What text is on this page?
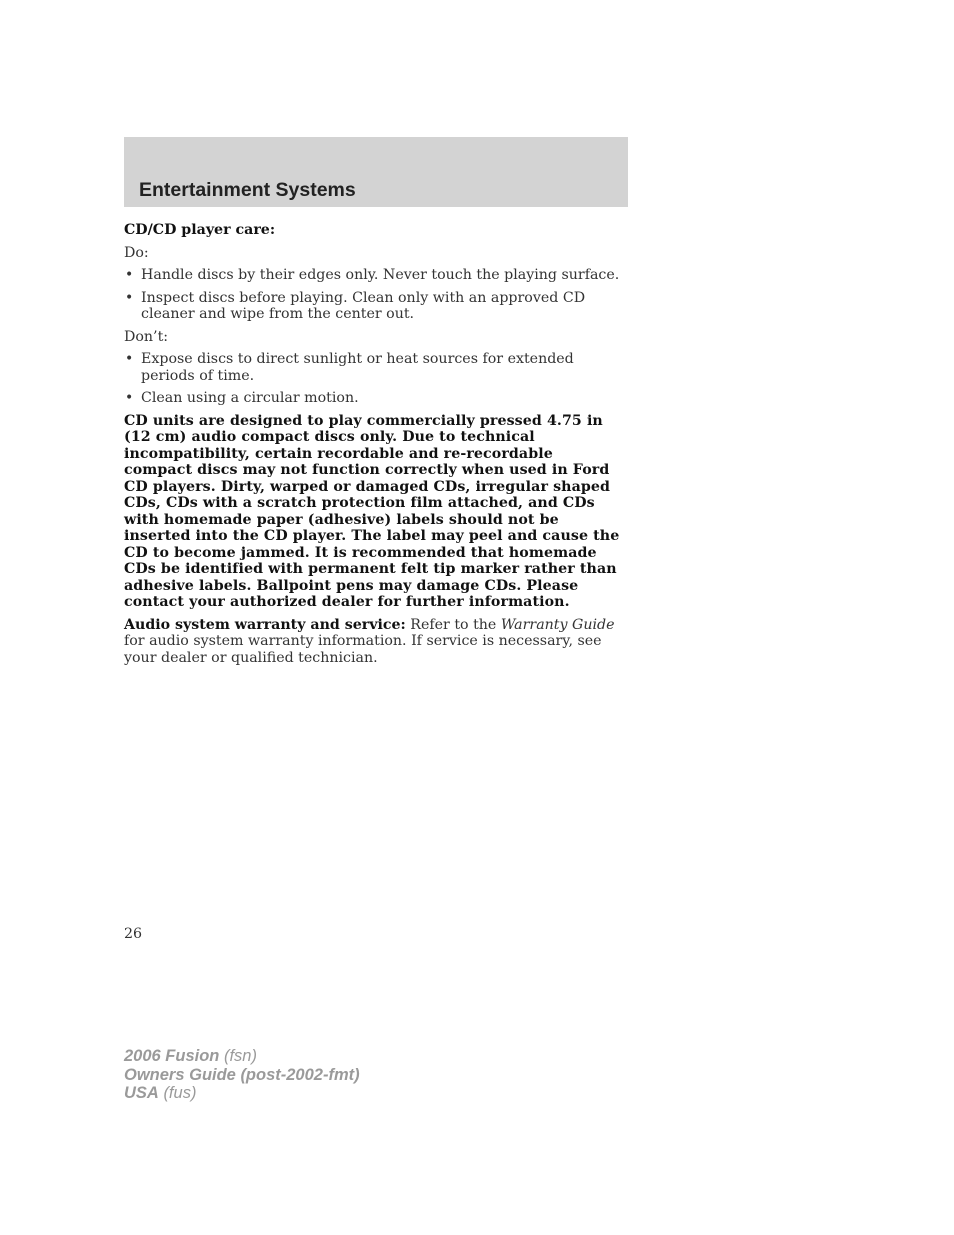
Entertainment Systems

CD/CD player care:

Do:

• Handle discs by their edges only. Never touch the playing surface.
• Inspect discs before playing. Clean only with an approved CD cleaner and wipe from the center out.

Don’t:

• Expose discs to direct sunlight or heat sources for extended periods of time.
• Clean using a circular motion.

CD units are designed to play commercially pressed 4.75 in (12 cm) audio compact discs only. Due to technical incompatibility, certain recordable and re-recordable compact discs may not function correctly when used in Ford CD players. Dirty, warped or damaged CDs, irregular shaped CDs, CDs with a scratch protection film attached, and CDs with homemade paper (adhesive) labels should not be inserted into the CD player. The label may peel and cause the CD to become jammed. It is recommended that homemade CDs be identified with permanent felt tip marker rather than adhesive labels. Ballpoint pens may damage CDs. Please contact your authorized dealer for further information.

Audio system warranty and service: Refer to the Warranty Guide for audio system warranty information. If service is necessary, see your dealer or qualified technician.

26
2006 Fusion (fsn)
Owners Guide (post-2002-fmt)
USA (fus)
